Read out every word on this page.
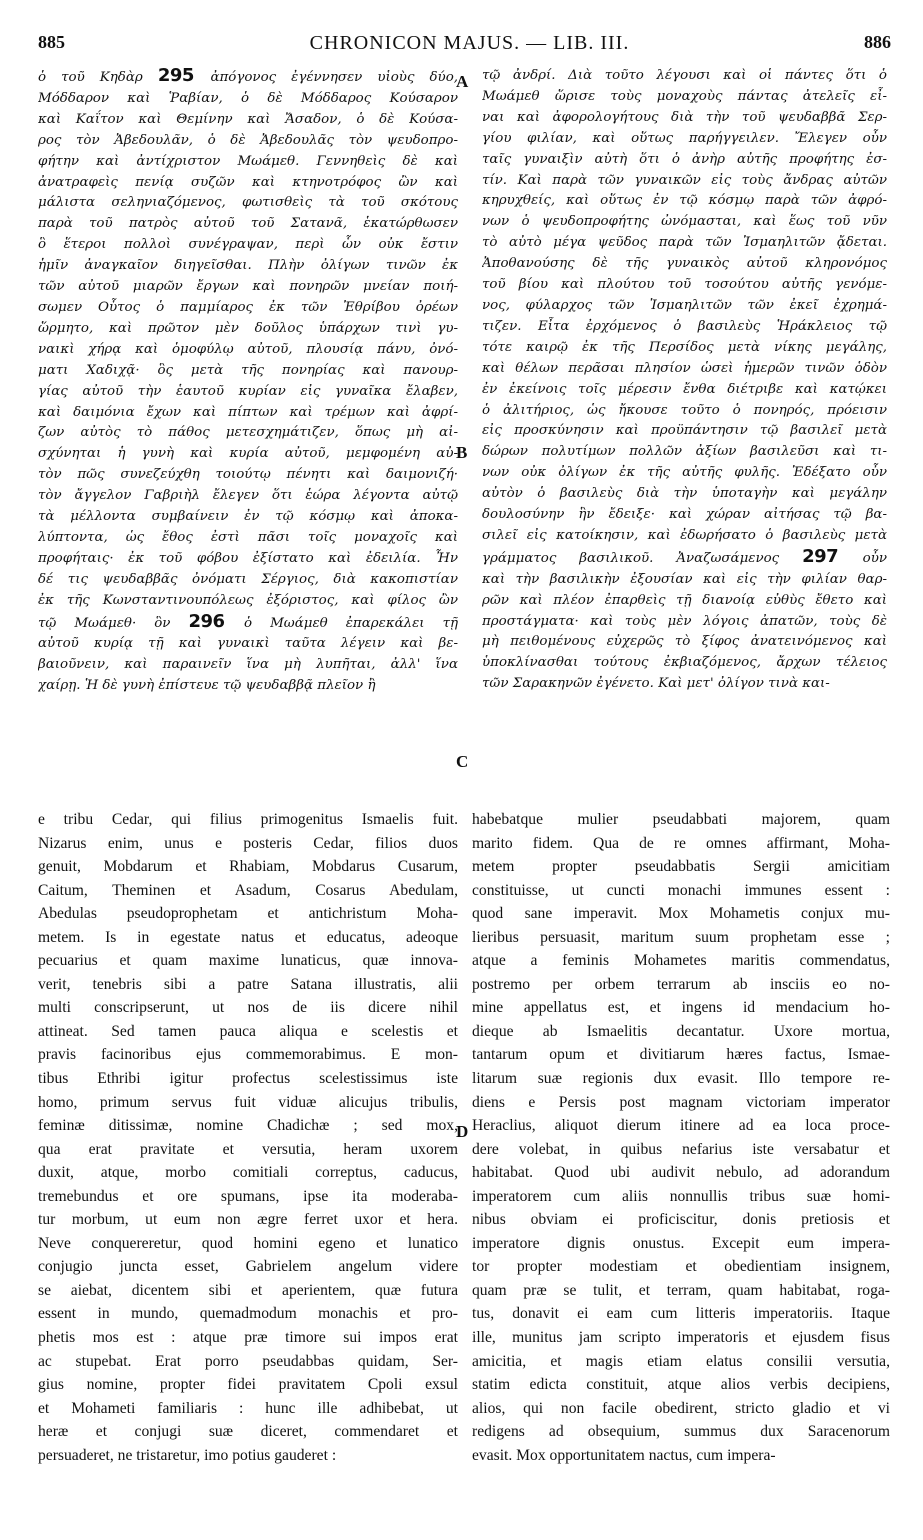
885	CHRONICON MAJUS. — LIB. III.	886
ὁ τοῦ Κηδὰρ 295 ἀπόγονος ἐγέννησεν υἱοὺς δύο,
Μόδδαρον καὶ Ῥαβίαν, ὁ δὲ Μόδδαρος Κούσαρον
καὶ Καΐτον καὶ Θεμίνην καὶ Ἄσαδον, ὁ δὲ Κούσα-
ρος τὸν Ἀβεδουλᾶν, ὁ δὲ Ἀβεδουλᾶς τὸν ψευδοπρο-
φήτην καὶ ἀντίχριστον Μωάμεθ. Γεννηθεὶς δὲ καὶ
ἀνατραφεὶς πενίᾳ συζῶν καὶ κτηνοτρόφος ὢν καὶ
μάλιστα σεληνιαζόμενος, φωτισθεὶς τὰ τοῦ σκότους
παρὰ τοῦ πατρὸς αὐτοῦ τοῦ Σατανᾶ, ἑκατώρθωσεν
ὃ ἕτεροι πολλοὶ συνέγραψαν, περὶ ὧν οὐκ ἔστιν
ἡμῖν ἀναγκαῖον διηγεῖσθαι. Πλὴν ὀλίγων τινῶν ἐκ
τῶν αὐτοῦ μιαρῶν ἔργων καὶ πονηρῶν μνείαν ποιή-
σωμεν Οὗτος ὁ παμμίαρος ἐκ τῶν Ἐθρίβου ὀρέων
ὥρμητο, καὶ πρῶτον μὲν δοῦλος ὑπάρχων τινὶ γυ-
ναικὶ χήρᾳ καὶ ὁμοφύλῳ αὐτοῦ, πλουσίᾳ πάνυ, ὀνό-
ματι Χαδιχᾷ· ὃς μετὰ τῆς πονηρίας καὶ πανουρ-
γίας αὐτοῦ τὴν ἑαυτοῦ κυρίαν εἰς γυναῖκα ἔλαβεν,
καὶ δαιμόνια ἔχων καὶ πίπτων καὶ τρέμων καὶ ἀφρί-
ζων αὐτὸς τὸ πάθος μετεσχημάτιζεν, ὅπως μὴ αἰ-
σχύνηται ἡ γυνὴ καὶ κυρία αὐτοῦ, μεμφομένη αὐ-
τὸν πῶς συνεζεύχθη τοιούτῳ πένητι καὶ δαιμονιζή·
τὸν ἄγγελον Γαβριὴλ ἔλεγεν ὅτι ἑώρα λέγοντα αὐτῷ
τὰ μέλλοντα συμβαίνειν ἐν τῷ κόσμῳ καὶ ἀποκα-
λύπτοντα, ὡς ἔθος ἐστὶ πᾶσι τοῖς μοναχοῖς καὶ
προφήταις· ἐκ τοῦ φόβου ἐξίστατο καὶ ἐδειλία. Ἦν
δέ τις ψευδαββᾶς ὀνόματι Σέργιος, διὰ κακοπιστίαν
ἐκ τῆς Κωνσταντινουπόλεως ἐξόριστος, καὶ φίλος ὢν
τῷ Μωάμεθ· ὃν 296 ὁ Μωάμεθ ἐπαρεκάλει τῇ
αὐτοῦ κυρίᾳ τῇ καὶ γυναικὶ ταῦτα λέγειν καὶ βε-
βαιοῦνειν, καὶ παραινεῖν ἵνα μὴ λυπῆται, ἀλλ' ἵνα
χαίρῃ. Ἡ δὲ γυνὴ ἐπίστευε τῷ ψευδαββᾷ πλεῖον ἢ
τῷ ἀνδρί. Διὰ τοῦτο λέγουσι καὶ οἱ πάντες ὅτι ὁ
Μωάμεθ ὥρισε τοὺς μοναχοὺς πάντας ἀτελεῖς εἶ-
ναι καὶ ἀφορολογήτους διὰ τὴν τοῦ ψευδαββᾶ Σερ-
γίου φιλίαν, καὶ οὕτως παρήγγειλεν. Ἔλεγεν οὖν
ταῖς γυναιξὶν αὐτὴ ὅτι ὁ ἀνὴρ αὐτῆς προφήτης ἐσ-
τίν. Καὶ παρὰ τῶν γυναικῶν εἰς τοὺς ἄνδρας αὐτῶν
κηρυχθείς, καὶ οὕτως ἐν τῷ κόσμῳ παρὰ τῶν ἀφρό-
νων ὁ ψευδοπροφήτης ὠνόμασται, καὶ ἕως τοῦ νῦν
τὸ αὐτὸ μέγα ψεῦδος παρὰ τῶν Ἰσμαηλιτῶν ᾄδεται.
Ἀποθανούσης δὲ τῆς γυναικὸς αὐτοῦ κληρονόμος
τοῦ βίου καὶ πλούτου τοῦ τοσούτου αὐτῆς γενόμε-
νος, φύλαρχος τῶν Ἰσμαηλιτῶν τῶν ἐκεῖ ἐχρημά-
τιζεν. Εἶτα ἐρχόμενος ὁ βασιλεὺς Ἡράκλειος τῷ
τότε καιρῷ ἐκ τῆς Περσίδος μετὰ νίκης μεγάλης,
καὶ θέλων περᾶσαι πλησίον ὡσεὶ ἡμερῶν τινῶν ὁδὸν
ἐν ἐκείνοις τοῖς μέρεσιν ἔνθα διέτριβε καὶ κατῴκει
ὁ ἀλιτήριος, ὡς ἤκουσε τοῦτο ὁ πονηρός, πρόεισιν
εἰς προσκύνησιν καὶ προϋπάντησιν τῷ βασιλεῖ μετὰ
δώρων πολυτίμων πολλῶν ἀξίων βασιλεῦσι καὶ τι-
νων οὐκ ὀλίγων ἐκ τῆς αὐτῆς φυλῆς. Ἐδέξατο οὖν
αὐτὸν ὁ βασιλεὺς διὰ τὴν ὑποταγὴν καὶ μεγάλην
δουλοσύνην ἣν ἔδειξε· καὶ χώραν αἰτήσας τῷ βα-
σιλεῖ εἰς κατοίκησιν, καὶ ἐδωρήσατο ὁ βασιλεὺς μετὰ
γράμματος βασιλικοῦ. Ἀναζωσάμενος 297 οὖν
καὶ τὴν βασιλικὴν ἐξουσίαν καὶ εἰς τὴν φιλίαν θαρ-
ρῶν καὶ πλέον ἐπαρθεὶς τῇ διανοίᾳ εὐθὺς ἔθετο καὶ
προστάγματα· καὶ τοὺς μὲν λόγοις ἀπατῶν, τοὺς δὲ
μὴ πειθομένους εὐχερῶς τὸ ξίφος ἀνατεινόμενος καὶ
ὑποκλίνασθαι τούτους ἐκβιαζόμενος, ἄρχων τέλειος
τῶν Σαρακηνῶν ἐγένετο. Καὶ μετ' ὀλίγον τινὰ και-
A
B
C
e tribu Cedar, qui filius primogenitus Ismaelis fuit.
Nizarus enim, unus e posteris Cedar, filios duos
genuit, Mobdarum et Rhabiam, Mobdarus Cusarum,
Caitum, Theminen et Asadum, Cosarus Abedulam,
Abedulas pseudoprophetam et antichristum Moha-
metem. Is in egestate natus et educatus, adeoque
pecuarius et quam maxime lunaticus, quæ innova-
verit, tenebris sibi a patre Satana illustratis, alii
multi conscripserunt, ut nos de iis dicere nihil
attineat. Sed tamen pauca aliqua e scelestis et
pravis facinoribus ejus commemorabimus. E mon-
tibus Ethribi igitur profectus scelestissimus iste
homo, primum servus fuit viduæ alicujus tribulis,
feminæ ditissimæ, nomine Chadichæ ; sed mox,
qua erat pravitate et versutia, heram uxorem
duxit, atque, morbo comitiali correptus, caducus,
tremebundus et ore spumans, ipse ita moderaba-
tur morbum, ut eum non ægre ferret uxor et hera.
Neve conquereretur, quod homini egeno et lunatico
conjugio juncta esset, Gabrielem angelum videre
se aiebat, dicentem sibi et aperientem, quæ futura
essent in mundo, quemadmodum monachis et pro-
phetis mos est : atque præ timore sui impos erat
ac stupebat. Erat porro pseudabbas quidam, Ser-
gius nomine, propter fidei pravitatem Cpoli exsul
et Mohameti familiaris : hunc ille adhibebat, ut
heræ et conjugi suæ diceret, commendaret et
persuaderet, ne tristaretur, imo potius gauderet :
habebatque mulier pseudabbati majorem, quam
marito fidem. Qua de re omnes affirmant, Moha-
metem propter pseudabbatis Sergii amicitiam
constituisse, ut cuncti monachi immunes essent :
quod sane imperavit. Mox Mohametis conjux mu-
lieribus persuasit, maritum suum prophetam esse ;
atque a feminis Mohametes maritis commendatus,
postremo per orbem terrarum ab insciis eo no-
mine appellatus est, et ingens id mendacium ho-
dieque ab Ismaelitis decantatur. Uxore mortua,
tantarum opum et divitiarum hæres factus, Ismae-
litarum suæ regionis dux evasit. Illo tempore re-
diens e Persis post magnam victoriam imperator
Heraclius, aliquot dierum itinere ad ea loca proce-
dere volebat, in quibus nefarius iste versabatur et
habitabat. Quod ubi audivit nebulo, ad adorandum
imperatorem cum aliis nonnullis tribus suæ homi-
nibus obviam ei proficiscitur, donis pretiosis et
imperatore dignis onustus. Excepit eum impera-
tor propter modestiam et obedientiam insignem,
quam præ se tulit, et terram, quam habitabat, roga-
tus, donavit ei eam cum litteris imperatoriis. Itaque
ille, munitus jam scripto imperatoris et ejusdem fisus
amicitia, et magis etiam elatus consilii versutia,
statim edicta constituit, atque alios verbis decipiens,
alios, qui non facile obedirent, stricto gladio et vi
redigens ad obsequium, summus dux Saracenorum
evasit. Mox opportunitatem nactus, cum impera-
D
